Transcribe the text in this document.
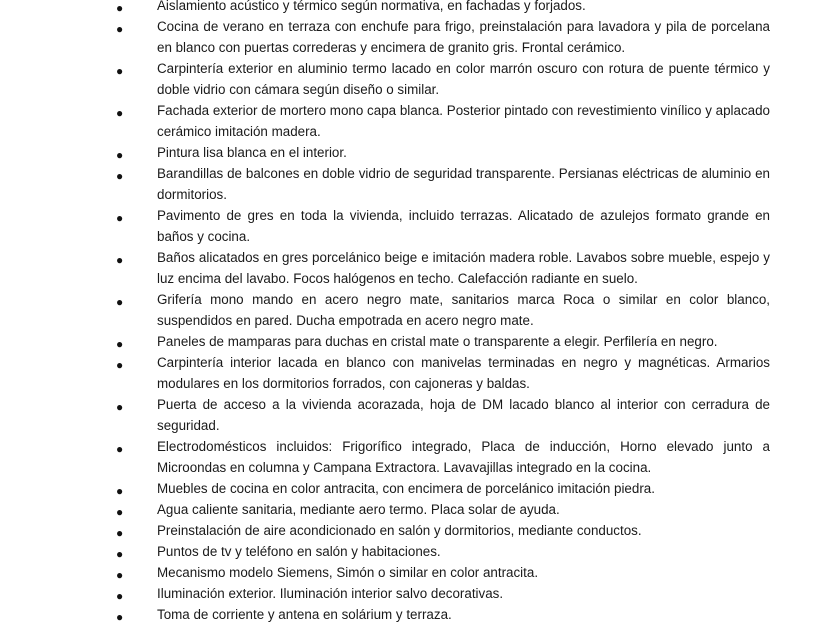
●	Aislamiento acústico y térmico según normativa, en fachadas y forjados.
●	Cocina de verano en terraza con enchufe para frigo, preinstalación para lavadora y pila de porcelana en blanco con puertas correderas y encimera de granito gris. Frontal cerámico.
●	Carpintería exterior en aluminio termo lacado en color marrón oscuro con rotura de puente térmico y doble vidrio con cámara según diseño o similar.
●	Fachada exterior de mortero mono capa blanca. Posterior pintado con revestimiento vinílico y aplacado cerámico imitación madera.
●	Pintura lisa blanca en el interior.
●	Barandillas de balcones en doble vidrio de seguridad transparente. Persianas eléctricas de aluminio en dormitorios.
●	Pavimento de gres en toda la vivienda, incluido terrazas. Alicatado de azulejos formato grande en baños y cocina.
●	Baños alicatados en gres porcelánico beige e imitación madera roble. Lavabos sobre mueble, espejo y luz encima del lavabo. Focos halógenos en techo. Calefacción radiante en suelo.
●	Grifería mono mando en acero negro mate, sanitarios marca Roca o similar en color blanco, suspendidos en pared. Ducha empotrada en acero negro mate.
●	Paneles de mamparas para duchas en cristal mate o transparente a elegir. Perfilería en negro.
●	Carpintería interior lacada en blanco con manivelas terminadas en negro y magnéticas. Armarios modulares en los dormitorios forrados, con cajoneras y baldas.
●	Puerta de acceso a la vivienda acorazada, hoja de DM lacado blanco al interior con cerradura de seguridad.
●	Electrodomésticos incluidos: Frigorífico integrado, Placa de inducción, Horno elevado junto a Microondas en columna y Campana Extractora. Lavavajillas integrado en la cocina.
●	Muebles de cocina en color antracita, con encimera de porcelánico imitación piedra.
●	Agua caliente sanitaria, mediante aero termo. Placa solar de ayuda.
●	Preinstalación de aire acondicionado en salón y dormitorios, mediante conductos.
●	Puntos de tv y teléfono en salón y habitaciones.
●	Mecanismo modelo Siemens, Simón o similar en color antracita.
●	Iluminación exterior. Iluminación interior salvo decorativas.
●	Toma de corriente y antena en solárium y terraza.
